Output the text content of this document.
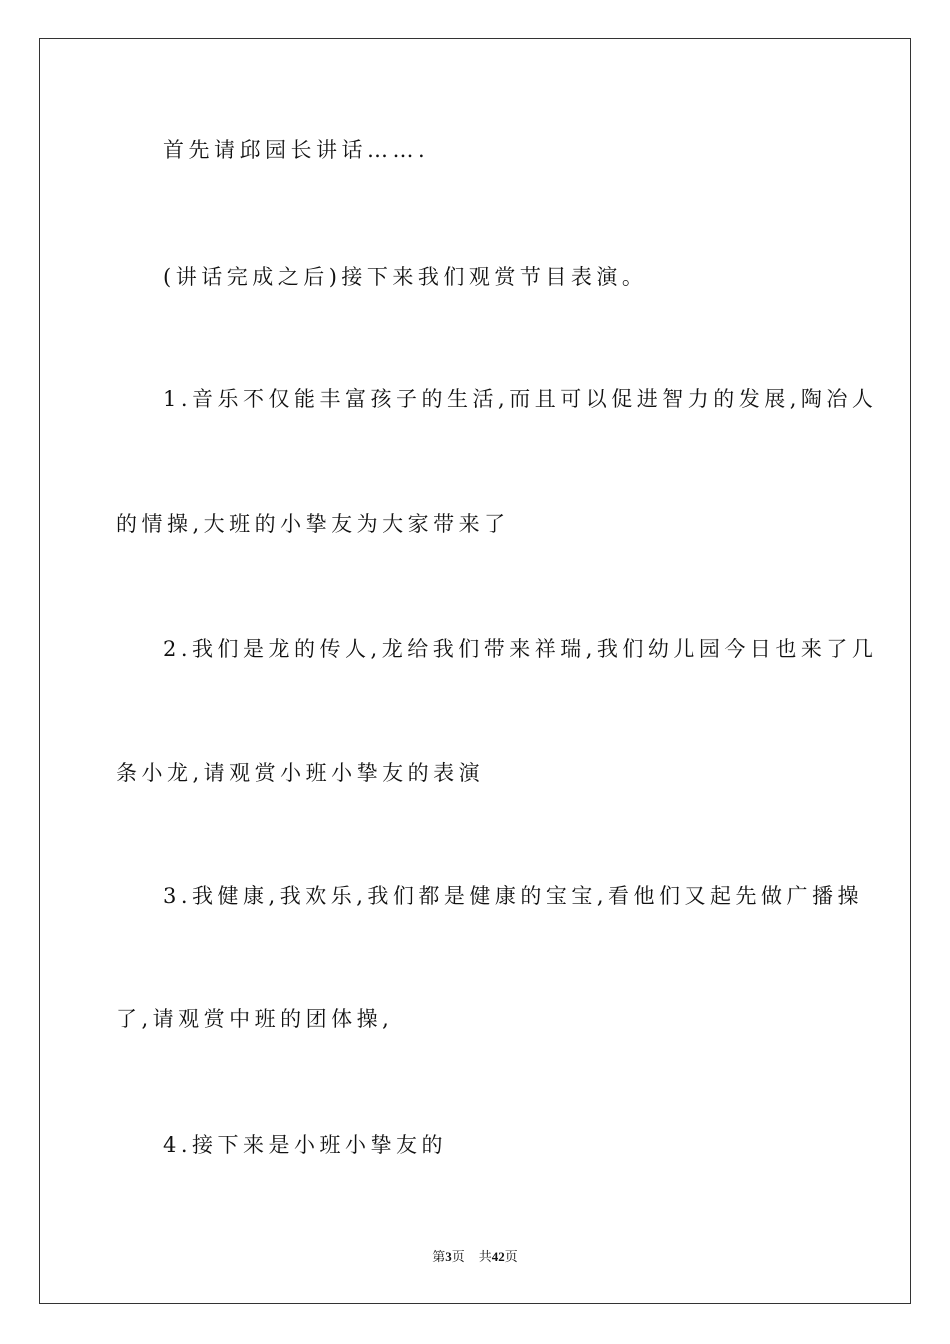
首先请邱园长讲话…….
(讲话完成之后)接下来我们观赏节目表演。
1.音乐不仅能丰富孩子的生活,而且可以促进智力的发展,陶冶人
的情操,大班的小挚友为大家带来了
2.我们是龙的传人,龙给我们带来祥瑞,我们幼儿园今日也来了几
条小龙,请观赏小班小挚友的表演
3.我健康,我欢乐,我们都是健康的宝宝,看他们又起先做广播操
了,请观赏中班的团体操,
4.接下来是小班小挚友的
第3页 共42页
